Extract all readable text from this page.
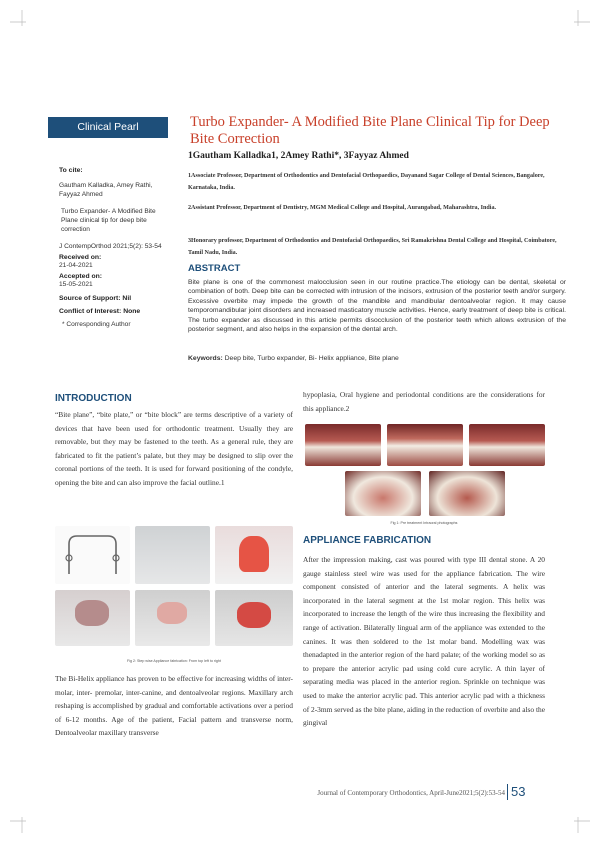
Clinical Pearl	Turbo Expander- A Modified Bite Plane Clinical Tip for Deep Bite Correction
1Gautham Kalladka1, 2Amey Rathi*, 3Fayyaz Ahmed
1Associate Professor, Department of Orthodontics and Dentofacial Orthopaedics, Dayanand Sagar College of Dental Sciences, Bangalore, Karnataka, India.
2Assistant Professor, Department of Dentistry, MGM Medical College and Hospital, Aurangabad, Maharashtra, India.
3Honorary professor, Department of Orthodontics and Dentofacial Orthopaedics, Sri Ramakrishna Dental College and Hospital, Coimbatore, Tamil Nadu, India.
To cite:
Gautham Kalladka, Amey Rathi, Fayyaz Ahmed
Turbo Expander- A Modified Bite Plane clinical tip for deep bite correction
J ContempOrthod 2021;5(2): 53-54
Received on:
21-04-2021
Accepted on:
15-05-2021
Source of Support: Nil
Conflict of Interest: None
* Corresponding Author
ABSTRACT
Bite plane is one of the commonest malocclusion seen in our routine practice.The etiology can be dental, skeletal or combination of both. Deep bite can be corrected with intrusion of the incisors, extrusion of the posterior teeth and/or surgery. Excessive overbite may impede the growth of the mandible and mandibular dentoalveolar region. It may cause temporomandibular joint disorders and increased masticatory muscle activities. Hence, early treatment of deep bite is critical. The turbo expander as discussed in this article permits disocclusion of the posterior teeth which allows extrusion of the posterior segment, and also helps in the expansion of the dental arch.
Keywords: Deep bite, Turbo expander, Bi- Helix appliance, Bite plane
INTRODUCTION
“Bite plane”, “bite plate,” or “bite block” are terms descriptive of a variety of devices that have been used for orthodontic treatment. Usually they are removable, but they may be fastened to the teeth. As a general rule, they are fabricated to fit the patient’s palate, but they may be designed to slip over the coronal portions of the teeth. It is used for forward positioning of the condyle, opening the bite and can also improve the facial outline.1
Fig 2: Step wise Appliance fabrication: From top left to right
The Bi-Helix appliance has proven to be effective for increasing widths of inter-molar, inter- premolar, inter-canine, and dentoalveolar regions. Maxillary arch reshaping is accomplished by gradual and comfortable activations over a period of 6-12 months. Age of the patient, Facial pattern and transverse norm, Dentoalveolar maxillary transverse
hypoplasia, Oral hygiene and periodontal conditions are the considerations for this appliance.2
Fig 1: Pre treatment Intraoral photographs
APPLIANCE FABRICATION
After the impression making, cast was poured with type III dental stone. A 20 gauge stainless steel wire was used for the appliance fabrication. The wire component consisted of anterior and the lateral segments. A helix was incorporated in the lateral segment at the 1st molar region. This helix was incorporated to increase the length of the wire thus increasing the flexibility and range of activation. Bilaterally lingual arm of the appliance was extended to the canines. It was then soldered to the 1st molar band. Modelling wax was thenadapted in the anterior region of the hard palate; of the working model so as to prepare the anterior acrylic pad using cold cure acrylic. A thin layer of separating media was placed in the anterior region. Sprinkle on technique was used to make the anterior acrylic pad. This anterior acrylic pad with a thickness of 2-3mm served as the bite plane, aiding in the reduction of overbite and also the gingival
Journal of Contemporary Orthodontics, April-June2021;5(2):53-54 53
